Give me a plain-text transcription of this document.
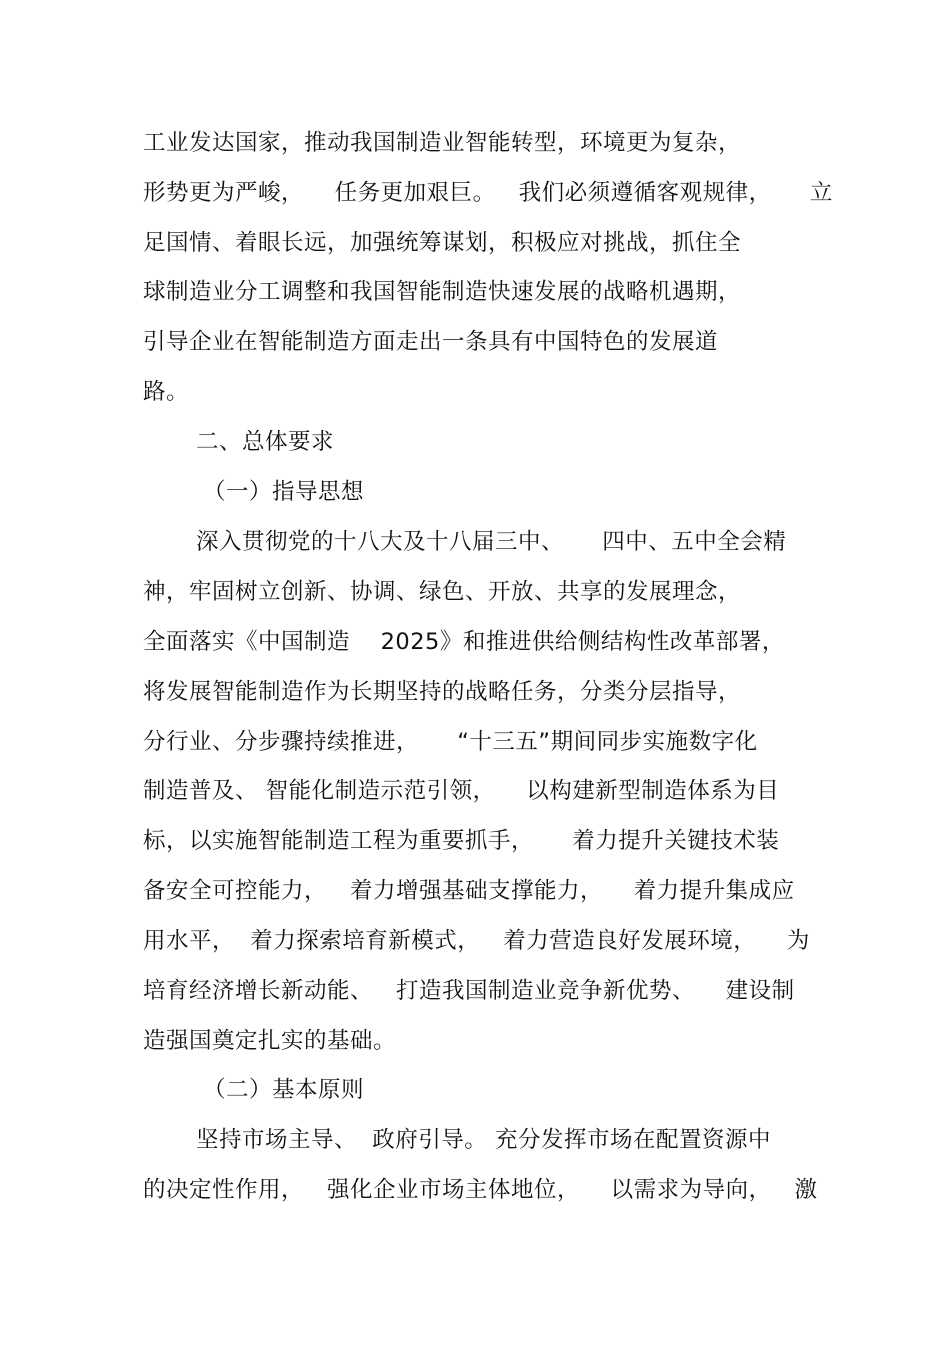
工业发达国家，推动我国制造业智能转型，环境更为复杂，
形势更为严峻，    任务更加艰巨。   我们必须遵循客观规律，     立
足国情、着眼长远，加强统筹谋划，积极应对挑战，抓住全
球制造业分工调整和我国智能制造快速发展的战略机遇期，
引导企业在智能制造方面走出一条具有中国特色的发展道
路。
二、总体要求
（一）指导思想
深入贯彻党的十八大及十八届三中、     四中、五中全会精
神，牢固树立创新、协调、绿色、开放、共享的发展理念，
全面落实《中国制造    2025》和推进供给侧结构性改革部署，
将发展智能制造作为长期坚持的战略任务，分类分层指导，
分行业、分步骤持续推进，     “十三五”期间同步实施数字化
制造普及、 智能化制造示范引领，    以构建新型制造体系为目
标，以实施智能制造工程为重要抓手，     着力提升关键技术装
备安全可控能力，   着力增强基础支撑能力，    着力提升集成应
用水平，  着力探索培育新模式，   着力营造良好发展环境，    为
培育经济增长新动能、   打造我国制造业竞争新优势、    建设制
造强国奠定扎实的基础。
（二）基本原则
坚持市场主导、  政府引导。 充分发挥市场在配置资源中
的决定性作用，   强化企业市场主体地位，    以需求为导向，   激
